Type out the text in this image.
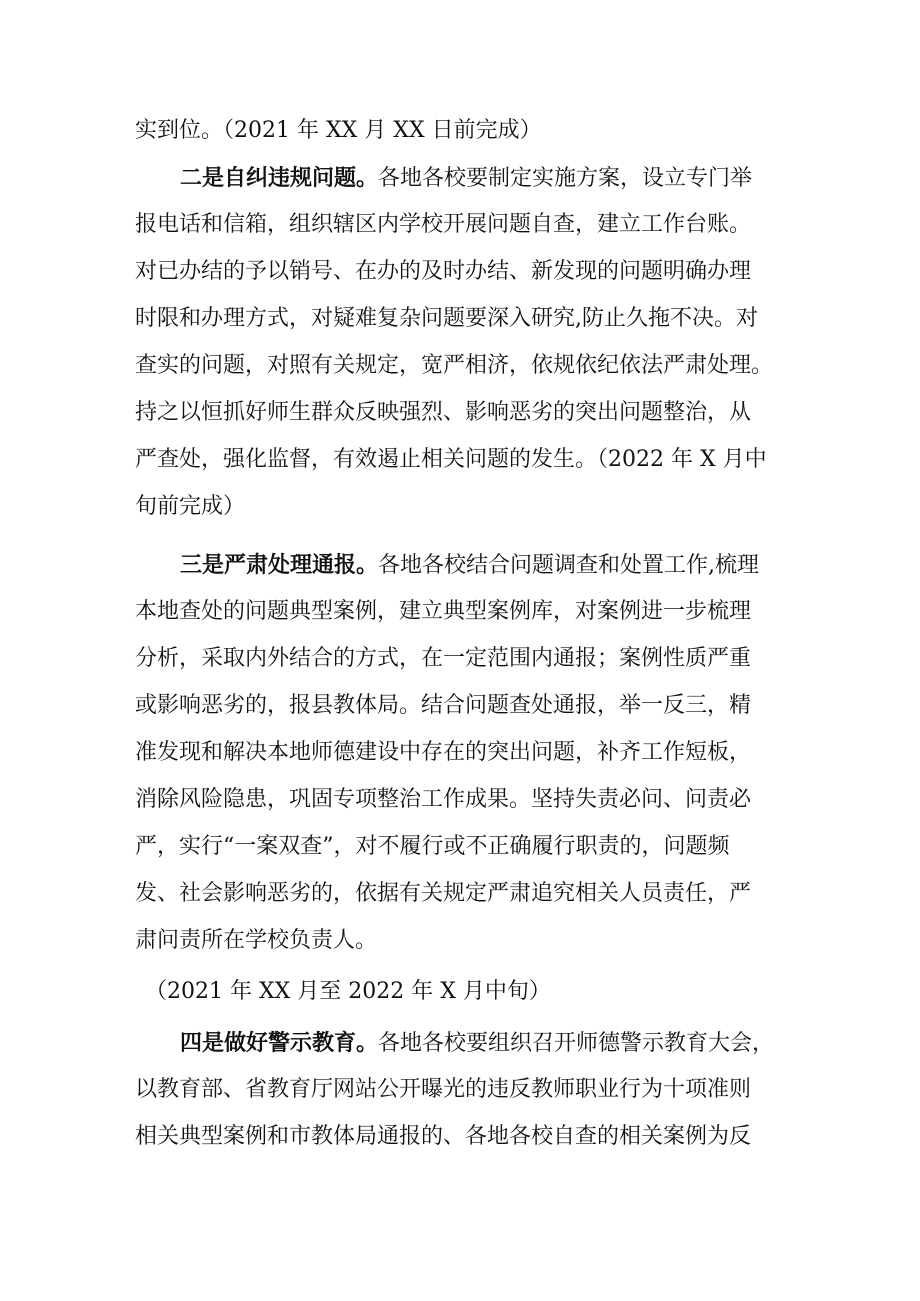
实到位。（2021 年 XX 月 XX 日前完成）
二是自纠违规问题。各地各校要制定实施方案，设立专门举
报电话和信箱，组织辖区内学校开展问题自查，建立工作台账。
对已办结的予以销号、在办的及时办结、新发现的问题明确办理
时限和办理方式，对疑难复杂问题要深入研究,防止久拖不决。对
查实的问题，对照有关规定，宽严相济，依规依纪依法严肃处理。
持之以恒抓好师生群众反映强烈、影响恶劣的突出问题整治，从
严查处，强化监督，有效遏止相关问题的发生。（2022 年 X 月中
旬前完成）
三是严肃处理通报。各地各校结合问题调查和处置工作,梳理
本地查处的问题典型案例，建立典型案例库，对案例进一步梳理
分析，采取内外结合的方式，在一定范围内通报；案例性质严重
或影响恶劣的，报县教体局。结合问题查处通报，举一反三，精
准发现和解决本地师德建设中存在的突出问题，补齐工作短板，
消除风险隐患，巩固专项整治工作成果。坚持失责必问、问责必
严，实行“一案双查”，对不履行或不正确履行职责的，问题频
发、社会影响恶劣的，依据有关规定严肃追究相关人员责任，严
肃问责所在学校负责人。
（2021 年 XX 月至 2022 年 X 月中旬）
四是做好警示教育。各地各校要组织召开师德警示教育大会，
以教育部、省教育厅网站公开曝光的违反教师职业行为十项准则
相关典型案例和市教体局通报的、各地各校自查的相关案例为反
